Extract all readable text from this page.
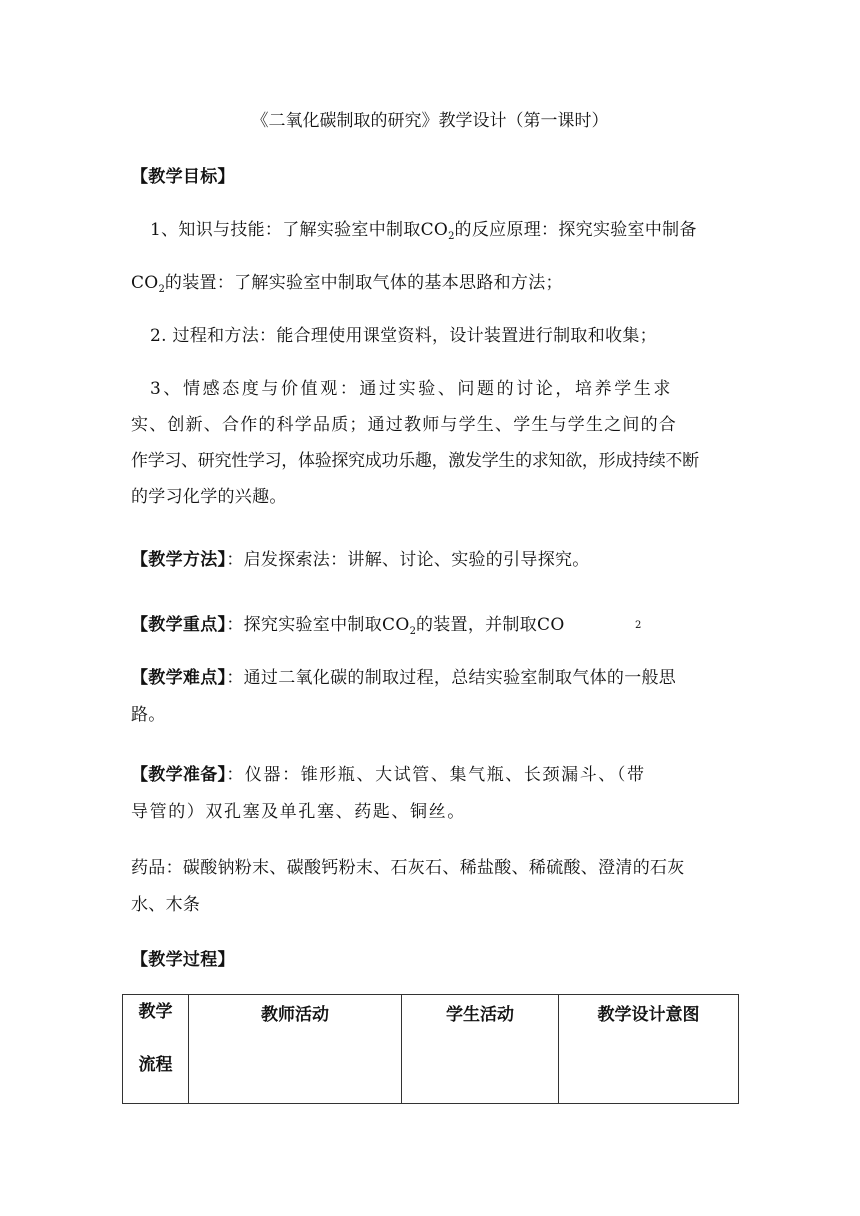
《二氧化碳制取的研究》教学设计（第一课时）
【教学目标】
1、知识与技能：了解实验室中制取$CO_2$的反应原理：探究实验室中制备
$CO_2$的装置：了解实验室中制取气体的基本思路和方法；
2. 过程和方法：能合理使用课堂资料，设计装置进行制取和收集；
3、情感态度与价值观：通过实验、问题的讨论，培养学生求
实、创新、合作的科学品质；通过教师与学生、学生与学生之间的合
作学习、研究性学习，体验探究成功乐趣，激发学生的求知欲，形成持续不断
的学习化学的兴趣。
【教学方法】：启发探索法：讲解、讨论、实验的引导探究。
【教学重点】：探究实验室中制取$CO_2$的装置，并制取CO	2
【教学难点】：通过二氧化碳的制取过程，总结实验室制取气体的一般思
路。
【教学准备】：仪器：锥形瓶、大试管、集气瓶、长颈漏斗、（带
导管的）双孔塞及单孔塞、药匙、铜丝。
药品：碳酸钠粉末、碳酸钙粉末、石灰石、稀盐酸、稀硫酸、澄清的石灰
水、木条
【教学过程】
教学
流程
	教师活动	学生活动	教学设计意图
